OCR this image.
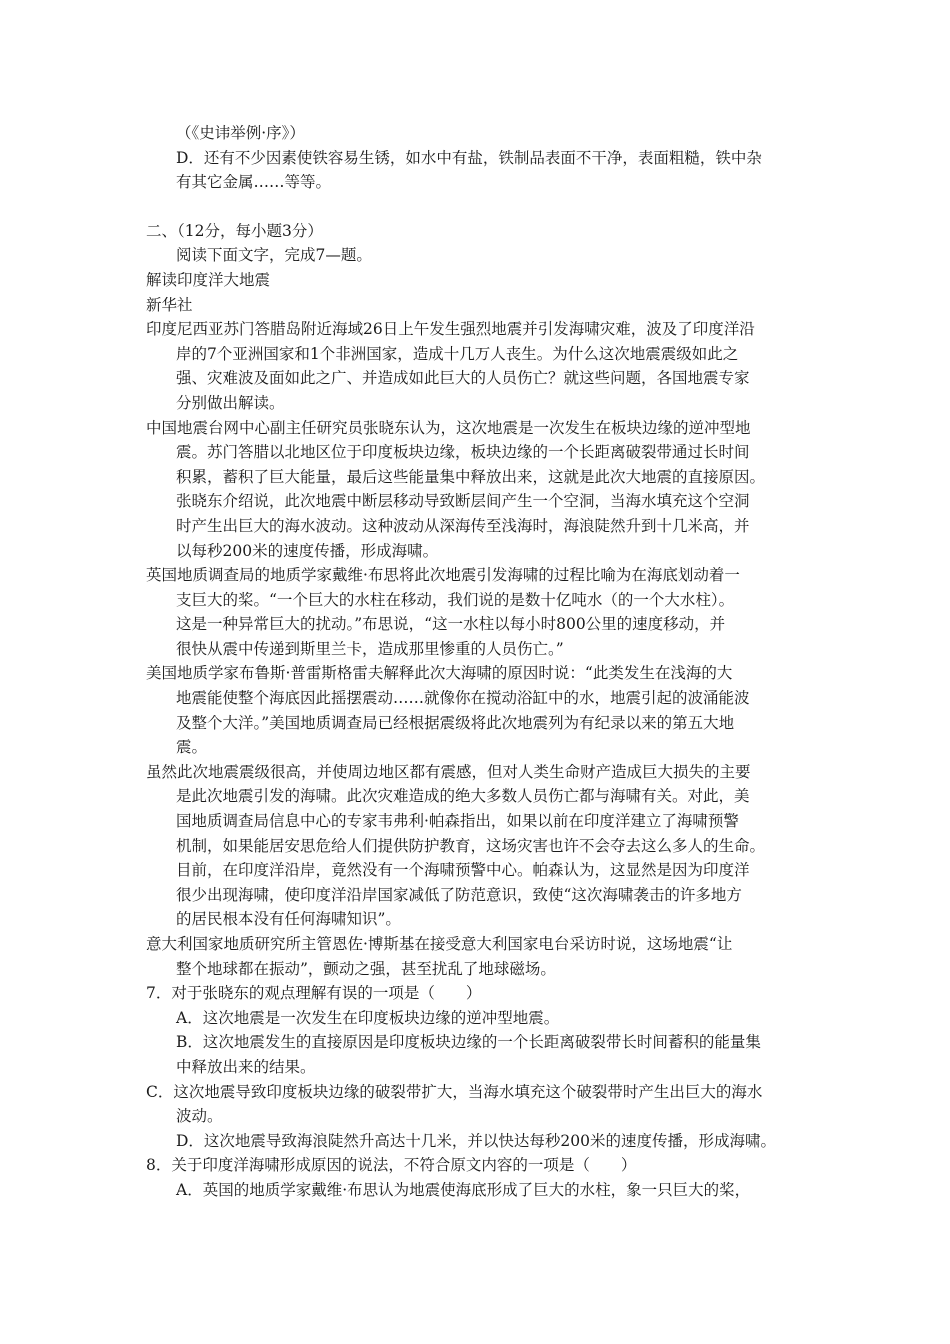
（《史讳举例·序》）
D．还有不少因素使铁容易生锈，如水中有盐，铁制品表面不干净，表面粗糙，铁中杂
有其它金属……等等。
二、（12分，每小题3分）
阅读下面文字，完成7—题。
解读印度洋大地震
新华社
印度尼西亚苏门答腊岛附近海域26日上午发生强烈地震并引发海啸灾难，波及了印度洋沿
岸的7个亚洲国家和1个非洲国家，造成十几万人丧生。为什么这次地震震级如此之
强、灾难波及面如此之广、并造成如此巨大的人员伤亡？就这些问题，各国地震专家
分别做出解读。
中国地震台网中心副主任研究员张晓东认为，这次地震是一次发生在板块边缘的逆冲型地
震。苏门答腊以北地区位于印度板块边缘，板块边缘的一个长距离破裂带通过长时间
积累，蓄积了巨大能量，最后这些能量集中释放出来，这就是此次大地震的直接原因。
张晓东介绍说，此次地震中断层移动导致断层间产生一个空洞，当海水填充这个空洞
时产生出巨大的海水波动。这种波动从深海传至浅海时，海浪陡然升到十几米高，并
以每秒200米的速度传播，形成海啸。
英国地质调查局的地质学家戴维·布思将此次地震引发海啸的过程比喻为在海底划动着一
支巨大的桨。“一个巨大的水柱在移动，我们说的是数十亿吨水（的一个大水柱）。
这是一种异常巨大的扰动。”布思说，“这一水柱以每小时800公里的速度移动，并
很快从震中传递到斯里兰卡，造成那里惨重的人员伤亡。”
美国地质学家布鲁斯·普雷斯格雷夫解释此次大海啸的原因时说：“此类发生在浅海的大
地震能使整个海底因此摇摆震动……就像你在搅动浴缸中的水，地震引起的波涌能波
及整个大洋。”美国地质调查局已经根据震级将此次地震列为有纪录以来的第五大地
震。
虽然此次地震震级很高，并使周边地区都有震感，但对人类生命财产造成巨大损失的主要
是此次地震引发的海啸。此次灾难造成的绝大多数人员伤亡都与海啸有关。对此，美
国地质调查局信息中心的专家韦弗利·帕森指出，如果以前在印度洋建立了海啸预警
机制，如果能居安思危给人们提供防护教育，这场灾害也许不会夺去这么多人的生命。
目前，在印度洋沿岸，竟然没有一个海啸预警中心。帕森认为，这显然是因为印度洋
很少出现海啸，使印度洋沿岸国家减低了防范意识，致使“这次海啸袭击的许多地方
的居民根本没有任何海啸知识”。
意大利国家地质研究所主管恩佐·博斯基在接受意大利国家电台采访时说，这场地震“让
整个地球都在振动”，颤动之强，甚至扰乱了地球磁场。
7．对于张晓东的观点理解有误的一项是（　　）
A．这次地震是一次发生在印度板块边缘的逆冲型地震。
B．这次地震发生的直接原因是印度板块边缘的一个长距离破裂带长时间蓄积的能量集
中释放出来的结果。
C．这次地震导致印度板块边缘的破裂带扩大，当海水填充这个破裂带时产生出巨大的海水
波动。
D．这次地震导致海浪陡然升高达十几米，并以快达每秒200米的速度传播，形成海啸。
8．关于印度洋海啸形成原因的说法，不符合原文内容的一项是（　　）
A．英国的地质学家戴维·布思认为地震使海底形成了巨大的水柱，象一只巨大的桨，
